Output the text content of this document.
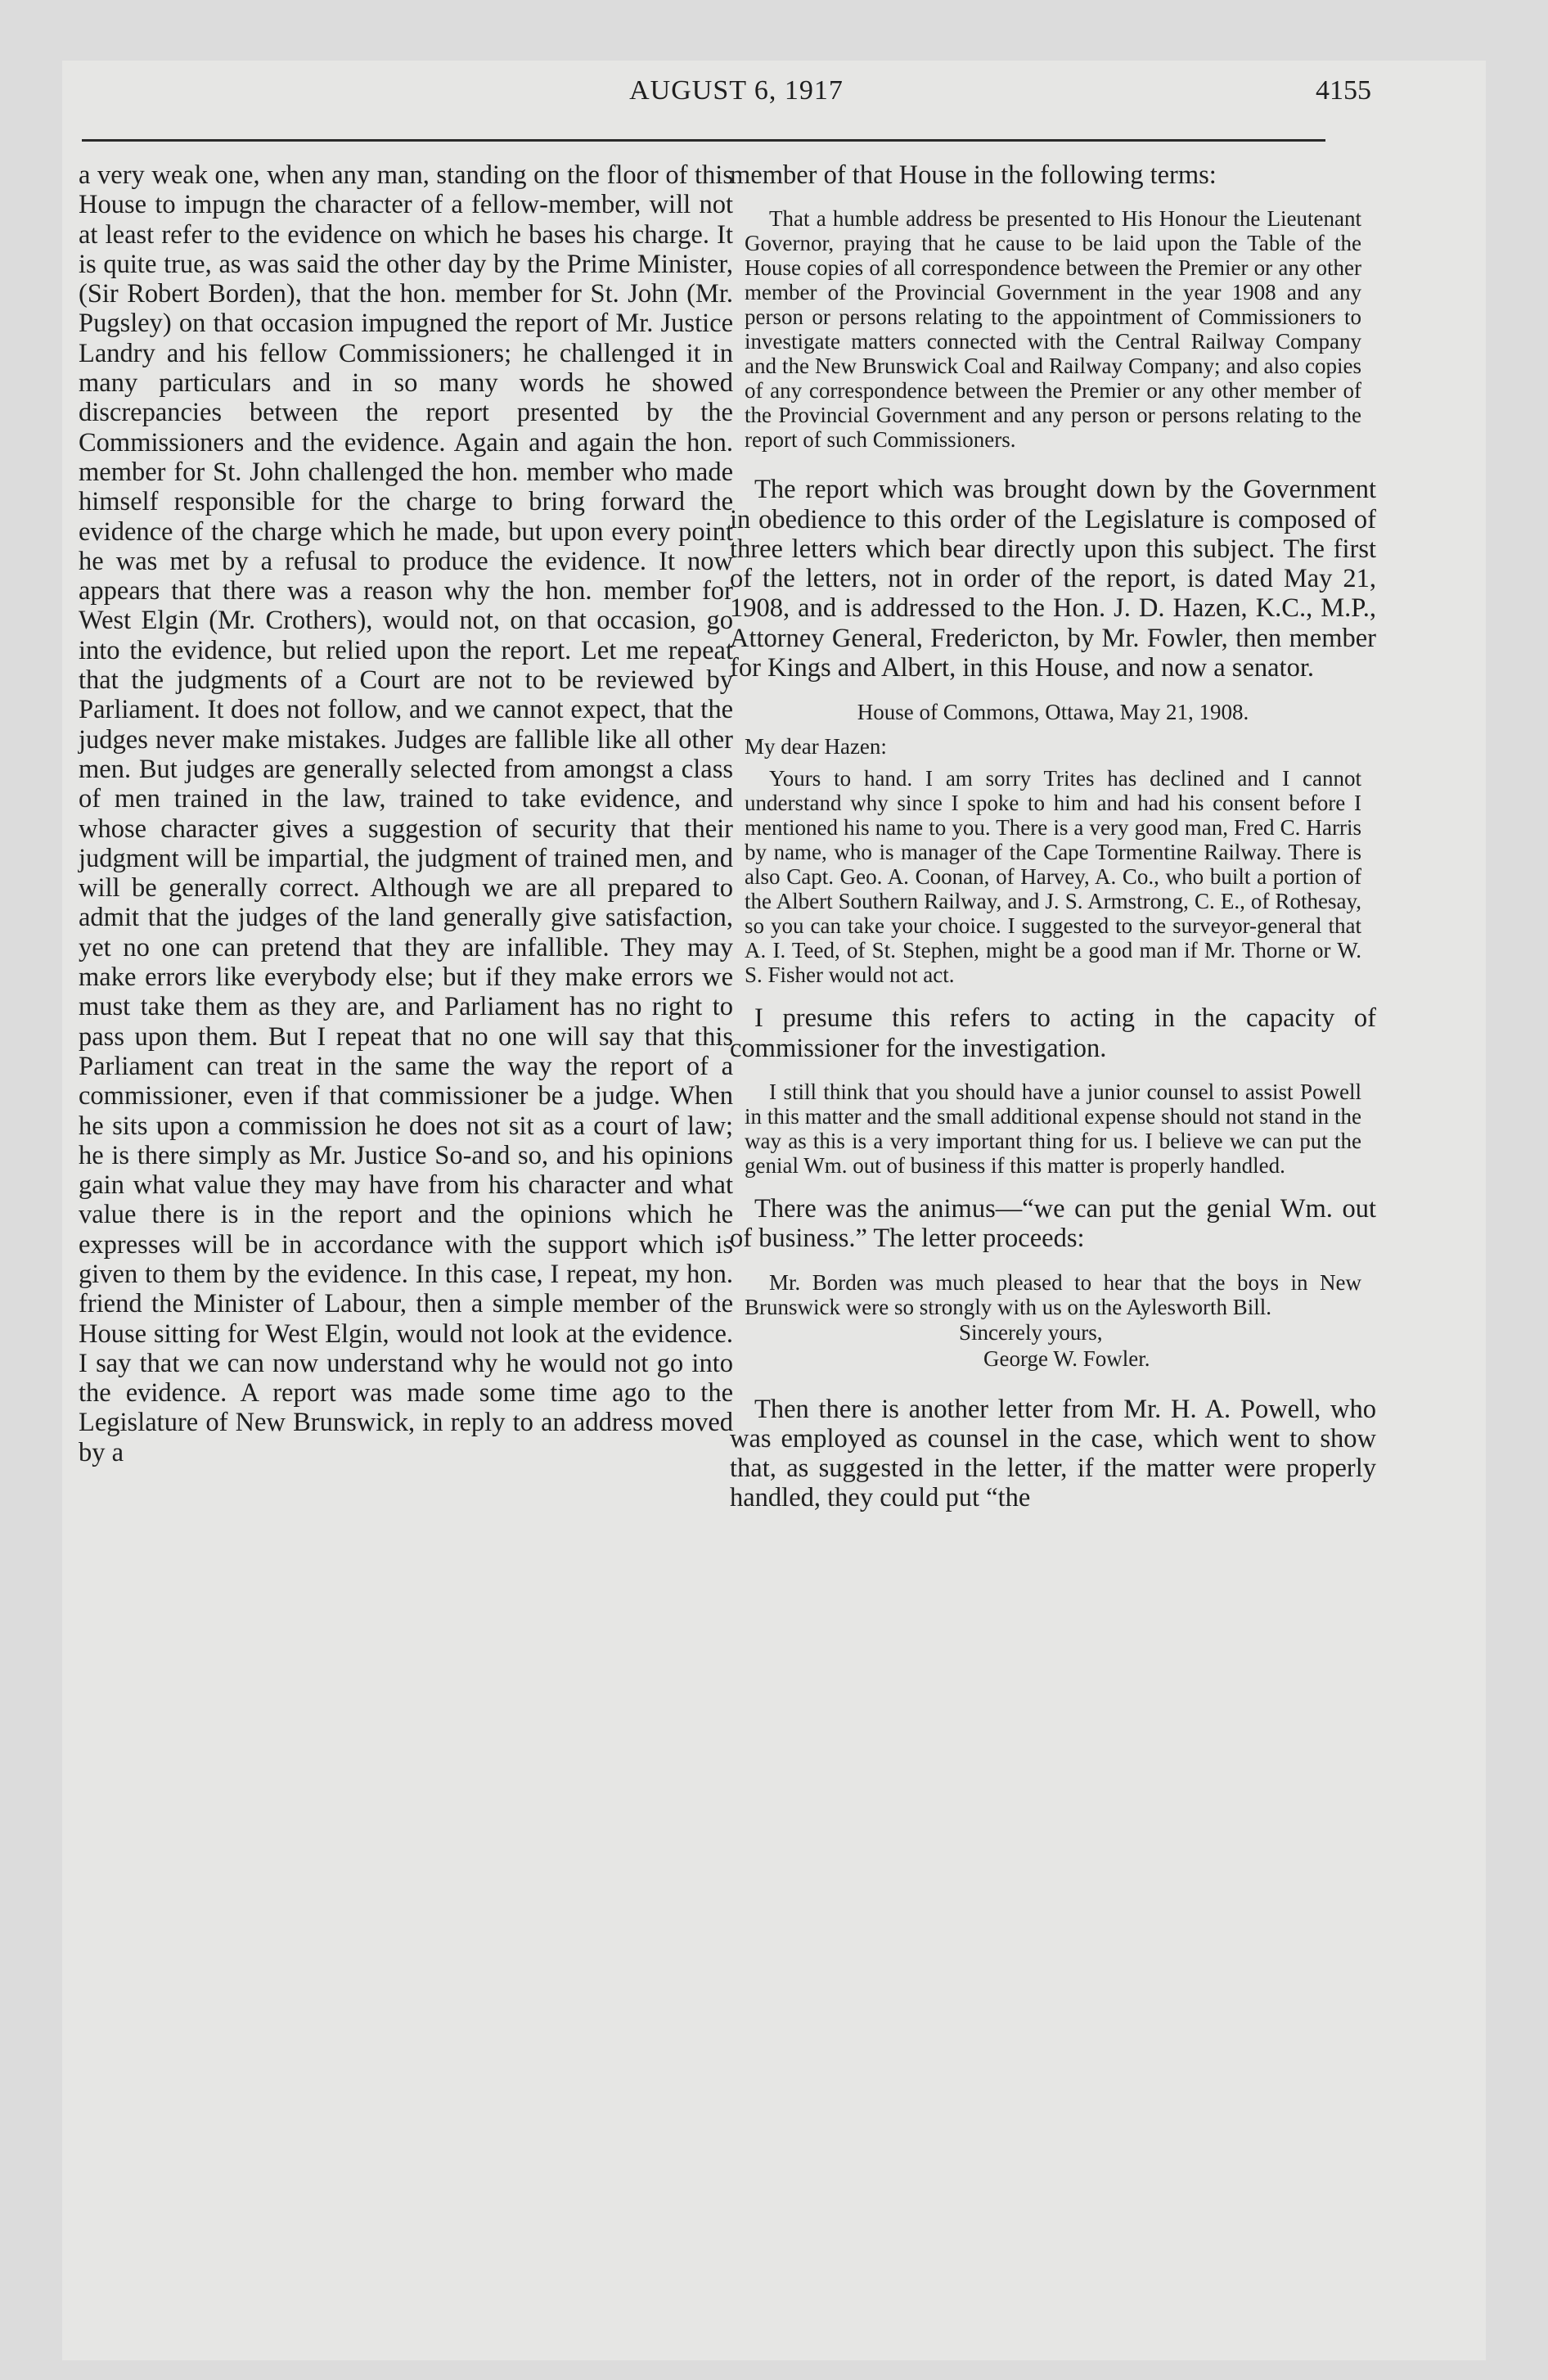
AUGUST 6, 1917	4155

a very weak one, when any man, standing on the floor of this House to impugn the character of a fellow-member, will not at least refer to the evidence on which he bases his charge. It is quite true, as was said the other day by the Prime Minister, (Sir Robert Borden), that the hon. member for St. John (Mr. Pugsley) on that occasion impugned the report of Mr. Justice Landry and his fellow Commissioners; he challenged it in many particulars and in so many words he showed discrepancies between the report presented by the Commissioners and the evidence. Again and again the hon. member for St. John challenged the hon. member who made himself responsible for the charge to bring forward the evidence of the charge which he made, but upon every point he was met by a refusal to produce the evidence. It now appears that there was a reason why the hon. member for West Elgin (Mr. Crothers), would not, on that occasion, go into the evidence, but relied upon the report. Let me repeat that the judgments of a Court are not to be reviewed by Parliament. It does not follow, and we cannot expect, that the judges never make mistakes. Judges are fallible like all other men. But judges are generally selected from amongst a class of men trained in the law, trained to take evidence, and whose character gives a suggestion of security that their judgment will be impartial, the judgment of trained men, and will be generally correct. Although we are all prepared to admit that the judges of the land generally give satisfaction, yet no one can pretend that they are infallible. They may make errors like everybody else; but if they make errors we must take them as they are, and Parliament has no right to pass upon them. But I repeat that no one will say that this Parliament can treat in the same the way the report of a commissioner, even if that commissioner be a judge. When he sits upon a commission he does not sit as a court of law; he is there simply as Mr. Justice So-and so, and his opinions gain what value they may have from his character and what value there is in the report and the opinions which he expresses will be in accordance with the support which is given to them by the evidence. In this case, I repeat, my hon. friend the Minister of Labour, then a simple member of the House sitting for West Elgin, would not look at the evidence. I say that we can now understand why he would not go into the evidence. A report was made some time ago to the Legislature of New Brunswick, in reply to an address moved by a

member of that House in the following terms:

That a humble address be presented to His Honour the Lieutenant Governor, praying that he cause to be laid upon the Table of the House copies of all correspondence between the Premier or any other member of the Provincial Government in the year 1908 and any person or persons relating to the appointment of Commissioners to investigate matters connected with the Central Railway Company and the New Brunswick Coal and Railway Company; and also copies of any correspondence between the Premier or any other member of the Provincial Government and any person or persons relating to the report of such Commissioners.

The report which was brought down by the Government in obedience to this order of the Legislature is composed of three letters which bear directly upon this subject. The first of the letters, not in order of the report, is dated May 21, 1908, and is addressed to the Hon. J. D. Hazen, K.C., M.P., Attorney General, Fredericton, by Mr. Fowler, then member for Kings and Albert, in this House, and now a senator.

House of Commons, Ottawa, May 21, 1908.
My dear Hazen:

Yours to hand. I am sorry Trites has declined and I cannot understand why since I spoke to him and had his consent before I mentioned his name to you. There is a very good man, Fred C. Harris by name, who is manager of the Cape Tormentine Railway. There is also Capt. Geo. A. Coonan, of Harvey, A. Co., who built a portion of the Albert Southern Railway, and J. S. Armstrong, C. E., of Rothesay, so you can take your choice. I suggested to the surveyor-general that A. I. Teed, of St. Stephen, might be a good man if Mr. Thorne or W. S. Fisher would not act.

I presume this refers to acting in the capacity of commissioner for the investigation.

I still think that you should have a junior counsel to assist Powell in this matter and the small additional expense should not stand in the way as this is a very important thing for us. I believe we can put the genial Wm. out of business if this matter is properly handled.

There was the animus—“we can put the genial Wm. out of business.” The letter proceeds:

Mr. Borden was much pleased to hear that the boys in New Brunswick were so strongly with us on the Aylesworth Bill.

Sincerely yours,
George W. Fowler.

Then there is another letter from Mr. H. A. Powell, who was employed as counsel in the case, which went to show that, as suggested in the letter, if the matter were properly handled, they could put “the
